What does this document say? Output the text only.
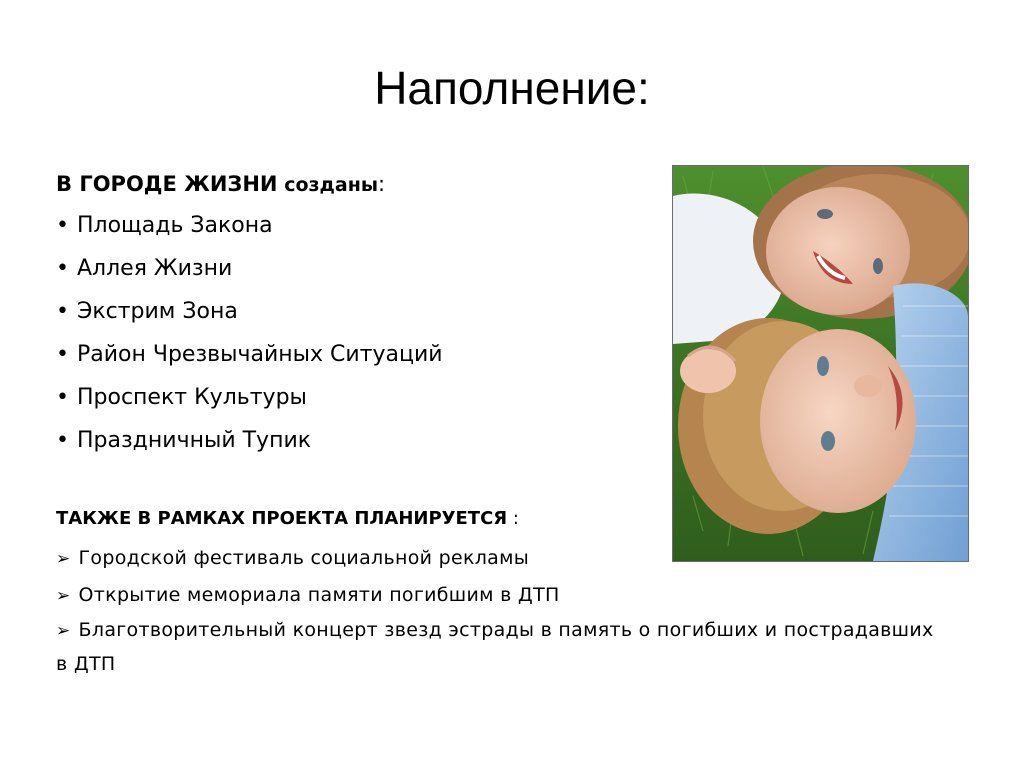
Наполнение:

В ГОРОДЕ ЖИЗНИ созданы:

• Площадь Закона
• Аллея Жизни
• Экстрим Зона
• Район Чрезвычайных Ситуаций
• Проспект Культуры
• Праздничный Тупик

ТАКЖЕ В РАМКАХ ПРОЕКТА ПЛАНИРУЕТСЯ :

➢ Городской фестиваль социальной рекламы
➢ Открытие мемориала памяти погибшим в ДТП
➢ Благотворительный концерт звезд эстрады в память о погибших и пострадавших в ДТП
